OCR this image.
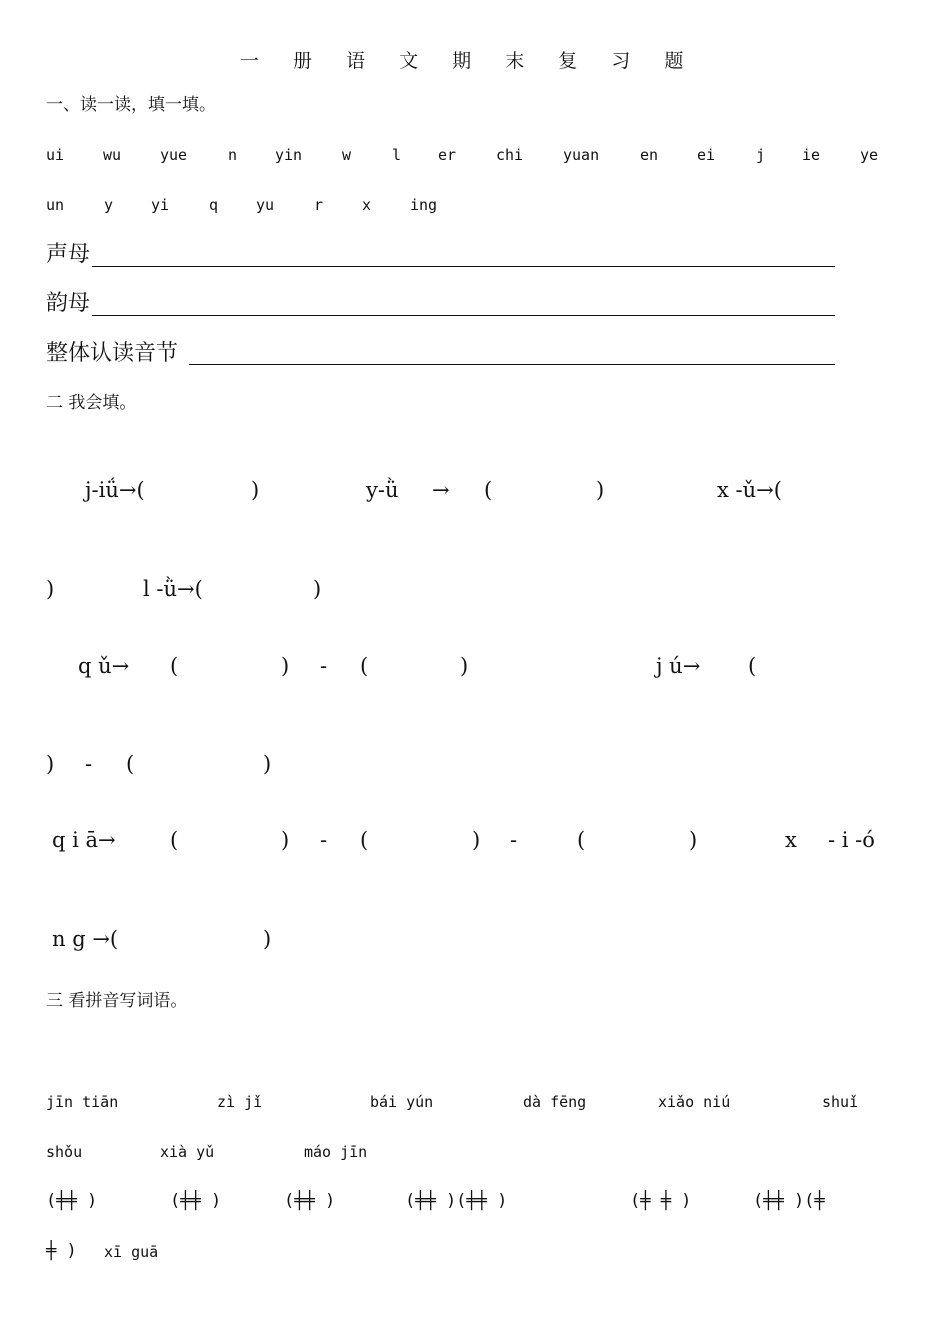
一 册 语 文 期 末 复 习 题
一、读一读，填一填。
ui	wu	yue	n	yin	w	l er	chi	yuan	en	ei	j ie	ye
un	y	yi	q	yu	r	x	ing
声母
韵母
整体认读音节
二 我会填。
j-iǘ→(	)	y-ǜ → (	)	x -ǔ→(
)	l -ǜ→(	)
q ǔ→ (	) - (	)	j ú→ (
) - (	)
q i ā→	(	) - (	) -	(	)	x - i -ó
n g →(	)
三 看拼音写词语。
jīn tiān	zì jǐ	bái yún	dà fēng	xiǎo niú	shuǐ
shǒu	xià yǔ	máo jīn
(╪╪ )	(╪╪ )	(╪╪ )	(╪╪ )(╪╪ )	(╪ ╪ )	(╪╪ )(╪
╪ ) xī guā
